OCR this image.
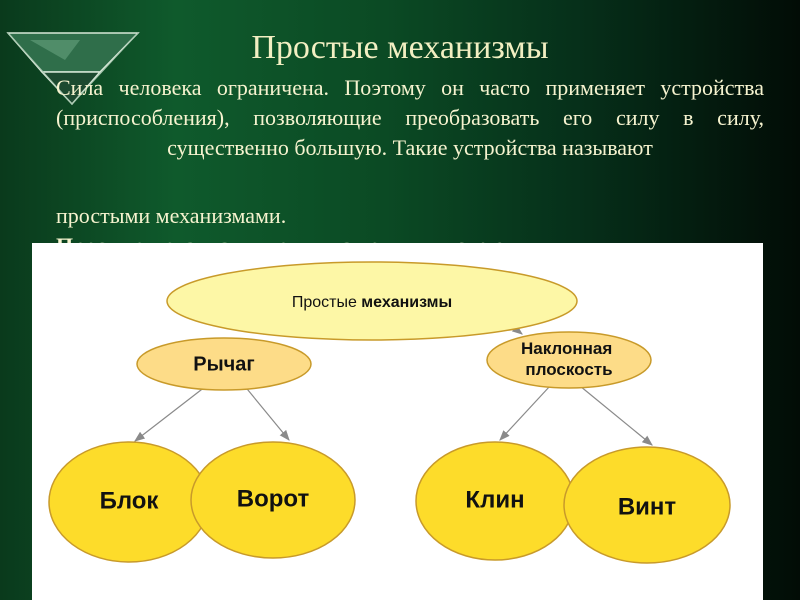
Простые механизмы
Сила человека ограничена. Поэтому он часто применяет устройства (приспособления), позволяющие преобразовать его силу в силу, существенно большую. Такие устройства называют
простыми механизмами.
Простые механизмы
Рычаг
Наклонная плоскость
Блок	Ворот	Клин	Винт
